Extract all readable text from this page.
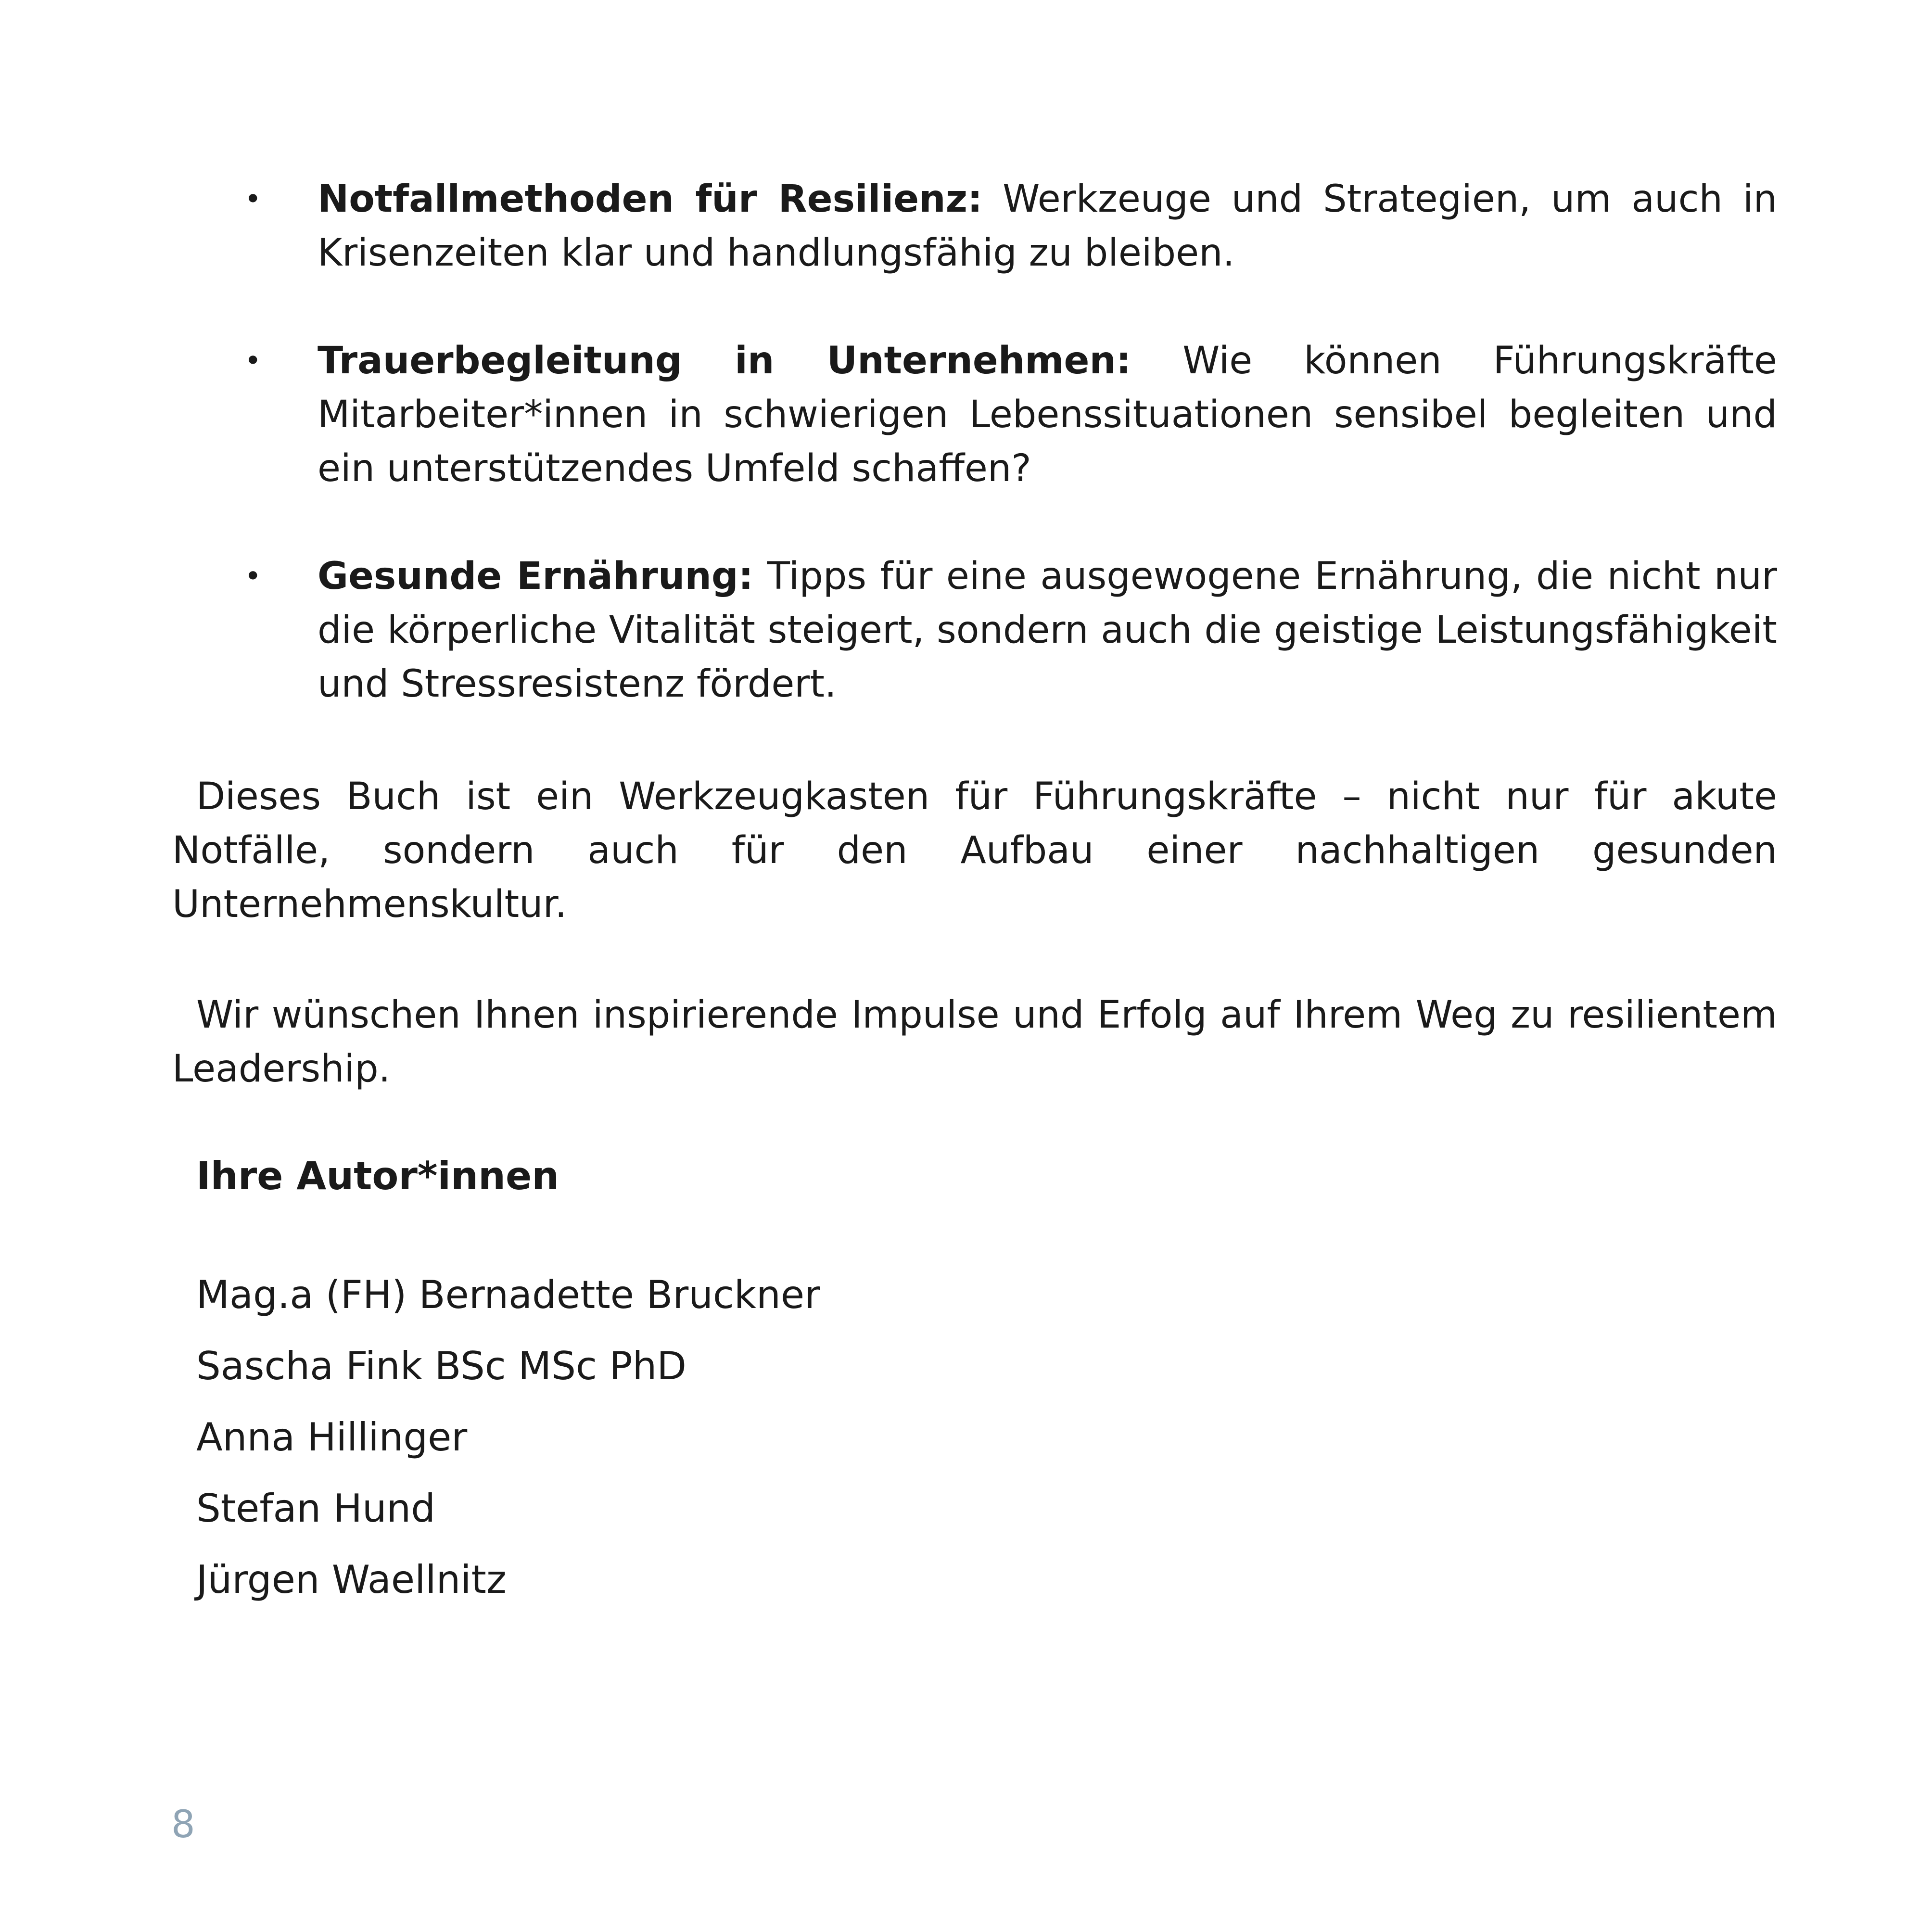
• Notfallmethoden für Resilienz: Werkzeuge und Strategien, um auch in Krisenzeiten klar und handlungsfähig zu bleiben.
• Trauerbegleitung in Unternehmen: Wie können Führungskräfte Mitarbeiter*innen in schwierigen Lebenssituationen sensibel begleiten und ein unterstützendes Umfeld schaffen?
• Gesunde Ernährung: Tipps für eine ausgewogene Ernährung, die nicht nur die körperliche Vitalität steigert, sondern auch die geistige Leistungsfähigkeit und Stressresistenz fördert.

Dieses Buch ist ein Werkzeugkasten für Führungskräfte – nicht nur für akute Notfälle, sondern auch für den Aufbau einer nachhaltigen gesunden Unternehmenskultur.

Wir wünschen Ihnen inspirierende Impulse und Erfolg auf Ihrem Weg zu resilientem Leadership.

Ihre Autor*innen
Mag.a (FH) Bernadette Bruckner
Sascha Fink BSc MSc PhD
Anna Hillinger
Stefan Hund
Jürgen Waellnitz
8
